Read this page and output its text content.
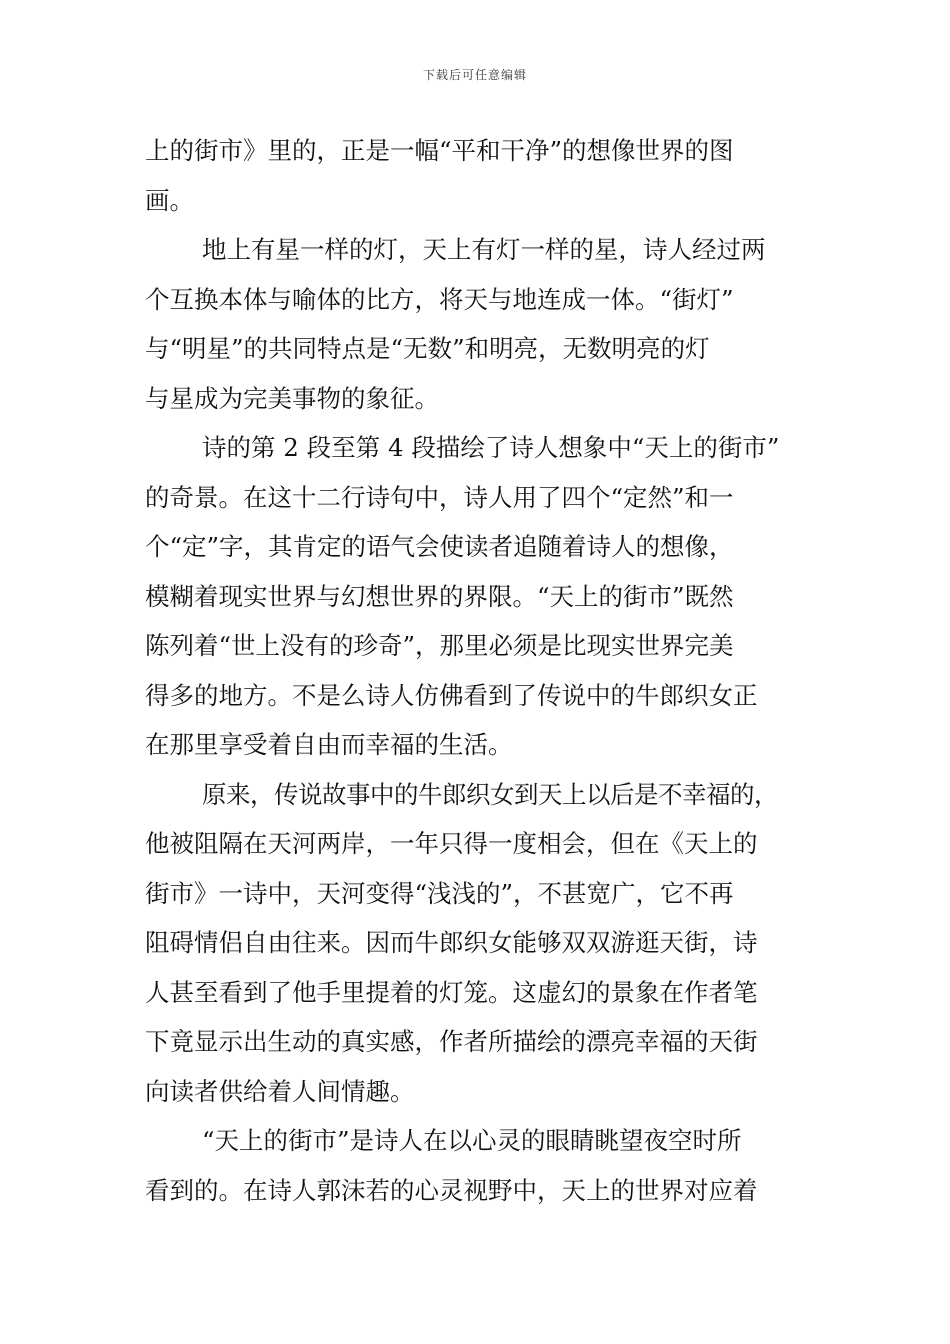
下载后可任意编辑
上的街市》里的，正是一幅“平和干净”的想像世界的图
画。
地上有星一样的灯，天上有灯一样的星，诗人经过两
个互换本体与喻体的比方，将天与地连成一体。“街灯”
与“明星”的共同特点是“无数”和明亮，无数明亮的灯
与星成为完美事物的象征。
诗的第 2 段至第 4 段描绘了诗人想象中“天上的街市”
的奇景。在这十二行诗句中，诗人用了四个“定然”和一
个“定”字，其肯定的语气会使读者追随着诗人的想像，
模糊着现实世界与幻想世界的界限。“天上的街市”既然
陈列着“世上没有的珍奇”，那里必须是比现实世界完美
得多的地方。不是么诗人仿佛看到了传说中的牛郎织女正
在那里享受着自由而幸福的生活。
原来，传说故事中的牛郎织女到天上以后是不幸福的，
他被阻隔在天河两岸，一年只得一度相会，但在《天上的
街市》一诗中，天河变得“浅浅的”，不甚宽广，它不再
阻碍情侣自由往来。因而牛郎织女能够双双游逛天街，诗
人甚至看到了他手里提着的灯笼。这虚幻的景象在作者笔
下竟显示出生动的真实感，作者所描绘的漂亮幸福的天街
向读者供给着人间情趣。
“天上的街市”是诗人在以心灵的眼睛眺望夜空时所
看到的。在诗人郭沫若的心灵视野中，天上的世界对应着
